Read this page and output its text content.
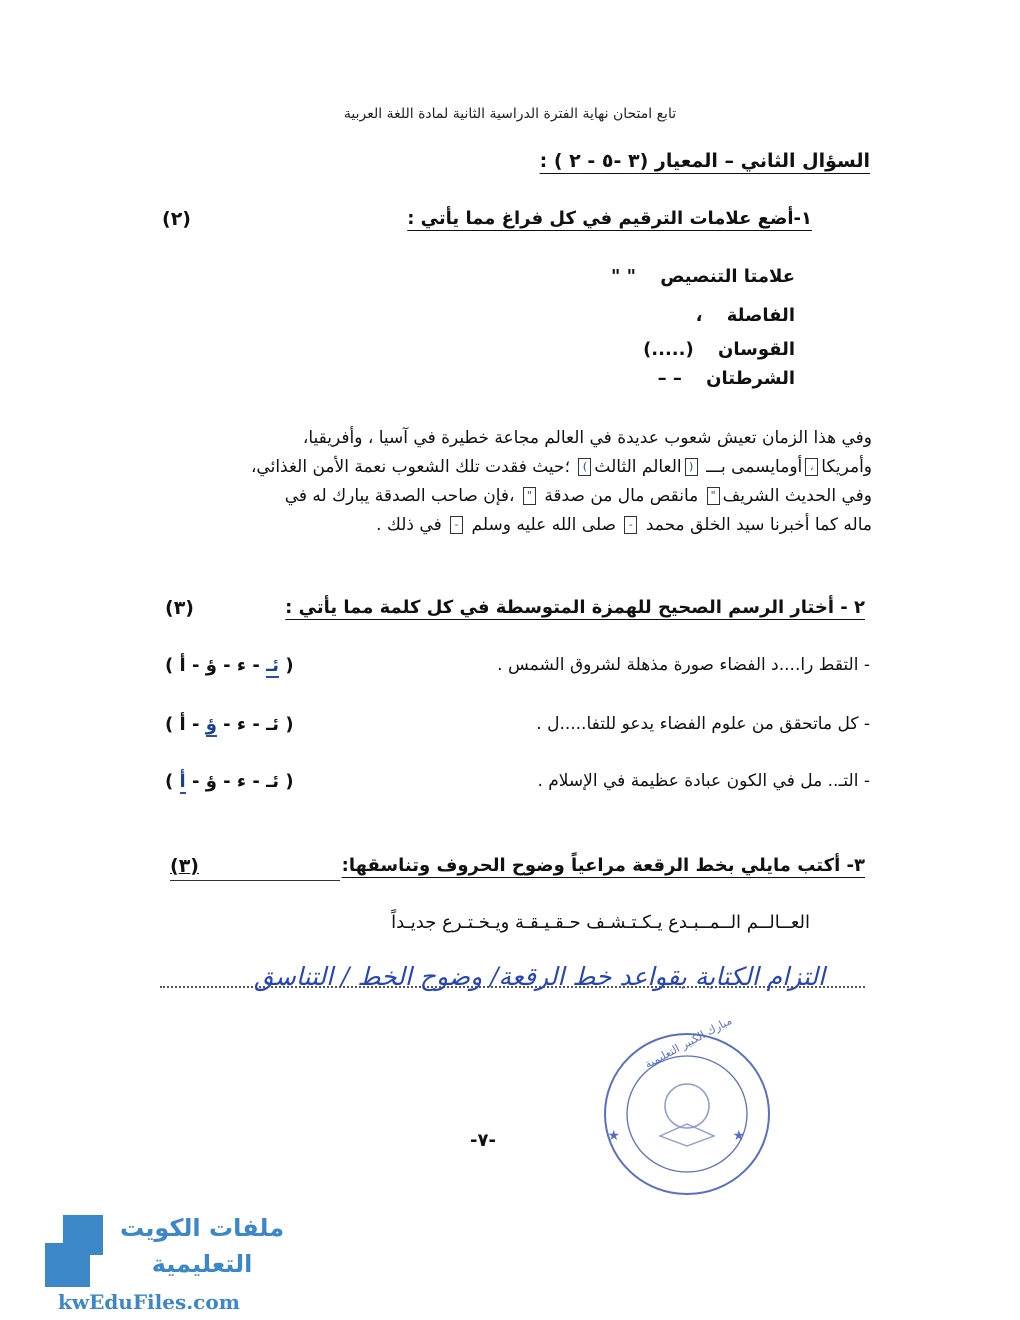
تابع امتحان نهاية الفترة الدراسية الثانية لمادة اللغة العربية
السؤال الثاني – المعيار (٣ -٥ - ٢ ) :
١-أضع علامات الترقيم في كل فراغ مما يأتي :
(٢)
علامتا التنصيص " "
الفاصلة ،
القوسان (.....)
الشرطتان – –
وفي هذا الزمان تعيش شعوب عديدة في العالم مجاعة خطيرة في آسيا ، وأفريقيا،
وأمريكا،أومايسمى بـــ (العالم الثالث) ؛حيث فقدت تلك الشعوب نعمة الأمن الغذائي،
وفي الحديث الشريف" مانقص مال من صدقة " ،فإن صاحب الصدقة يبارك له في
ماله كما أخبرنا سيد الخلق محمد - صلى الله عليه وسلم - في ذلك .
٢ - أختار الرسم الصحيح للهمزة المتوسطة في كل كلمة مما يأتي :
(٣)
- التقط را....د الفضاء صورة مذهلة لشروق الشمس .
(	ئـ - ء - ؤ - أ	)
- كل ماتحقق من علوم الفضاء يدعو للتفا.....ل .
(	ئـ - ء - ؤ - أ	)
- التـ.. مل في الكون عبادة عظيمة في الإسلام .
(	ئـ - ء - ؤ - أ	)
٣- أكتب مايلي بخط الرقعة مراعياً وضوح الحروف وتناسقها:
(٣)
العــالــم الــمــبـدع يـكـتـشـف حـقـيـقـة ويـخـتـرع جديـداً
التزام الكتابة بقواعد خط الرقعة/ وضوح الخط / التناسق
★	★
مبارك الكبير التعليمية
-٧-
ملفات الكويت
التعليمية
kwEduFiles.com
